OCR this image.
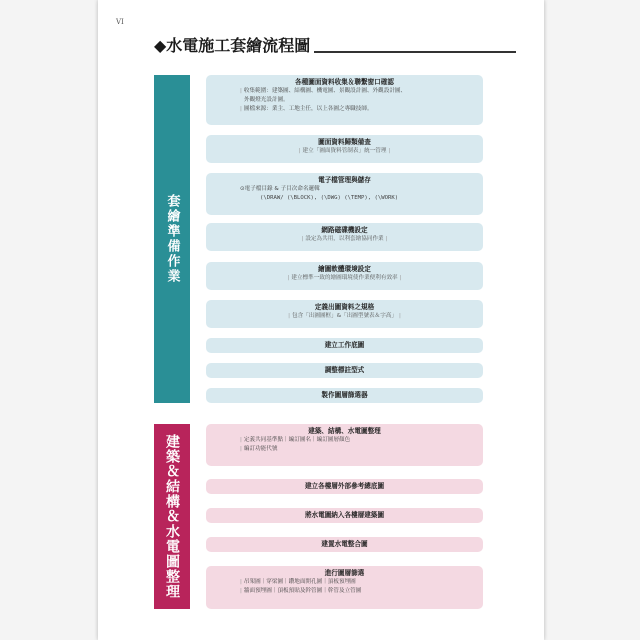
VI
◆水電施工套繪流程圖
套繪準備作業
各種圖面資料收集＆聯繫窗口確認
| 收集範圍：建築圖、結構圖、機電圖、景觀設計圖、外觀設計圖、
外觀燈光設計圖。
| 圖檔來源：業主、工地主任，以上各圖之專職技師。
圖面資料歸類備查
| 建立「圖面資料管制表」統一管理 |
電子檔管理與儲存
⊙電子檔目錄 & 子目次命名邏輯
(\DRAW/ (\BLOCK), (\DWG) (\TEMP), (\WORK)
網路磁碟機設定
| 設定為共用，以利套繪協同作業 |
繪圖軟體環境設定
| 建立標準一致的繪圖環境使作業便利有效率 |
定義出圖資料之規格
| 包含「出圖圖框」&「出圖型號表＆字高」 |
建立工作底圖
調整標註型式
製作圖層篩選器
建築＆結構＆水電圖整理
建築、結構、水電圖整理
| 定義共同基準點｜編訂圖名｜編訂圖層顏色
| 編訂功能代號
建立各樓層外部參考總底圖
將水電圖納入各樓層建築圖
建置水電整合圖
進行圖層篩選
| 吊架圖｜穿梁圖｜鑽地面開孔圖｜頂板預埋圖
| 牆面預埋圖｜頂板預貼及幹管圖｜幹管及立管圖
